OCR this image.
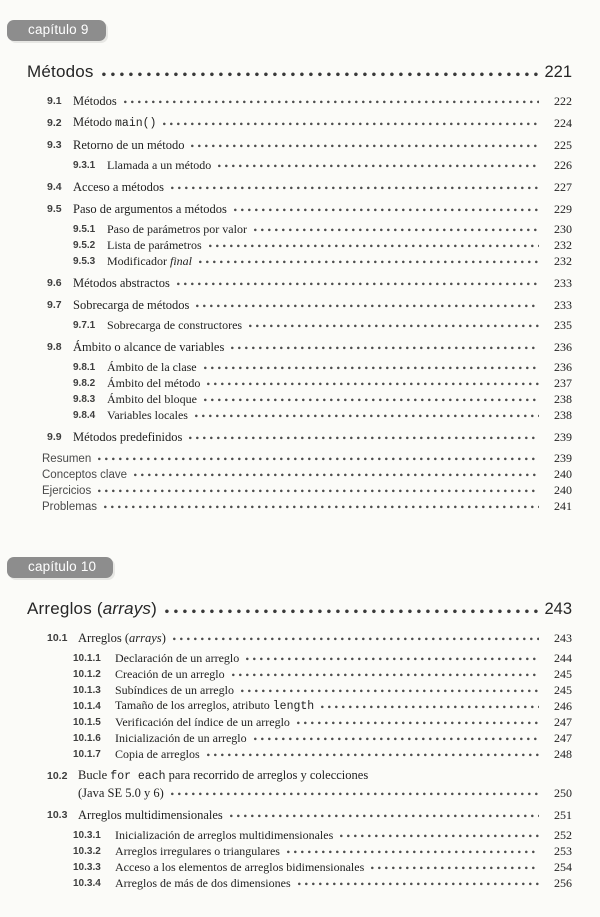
capítulo 9
Métodos	221
9.1 Métodos	222
9.2 Método main()	224
9.3 Retorno de un método	225
9.3.1 Llamada a un método	226
9.4 Acceso a métodos	227
9.5 Paso de argumentos a métodos	229
9.5.1 Paso de parámetros por valor	230
9.5.2 Lista de parámetros	232
9.5.3 Modificador final	232
9.6 Métodos abstractos	233
9.7 Sobrecarga de métodos	233
9.7.1 Sobrecarga de constructores	235
9.8 Ámbito o alcance de variables	236
9.8.1 Ámbito de la clase	236
9.8.2 Ámbito del método	237
9.8.3 Ámbito del bloque	238
9.8.4 Variables locales	238
9.9 Métodos predefinidos	239
Resumen	239
Conceptos clave	240
Ejercicios	240
Problemas	241
capítulo 10
Arreglos (arrays)	243
10.1 Arreglos (arrays)	243
10.1.1	Declaración de un arreglo	244
10.1.2	Creación de un arreglo	245
10.1.3	Subíndices de un arreglo	245
10.1.4	Tamaño de los arreglos, atributo length	246
10.1.5	Verificación del índice de un arreglo	247
10.1.6	Inicialización de un arreglo	247
10.1.7	Copia de arreglos	248
10.2 Bucle for each para recorrido de arreglos y colecciones
(Java SE 5.0 y 6)	250
10.3 Arreglos multidimensionales	251
10.3.1	Inicialización de arreglos multidimensionales	252
10.3.2	Arreglos irregulares o triangulares	253
10.3.3	Acceso a los elementos de arreglos bidimensionales	254
10.3.4	Arreglos de más de dos dimensiones	256
